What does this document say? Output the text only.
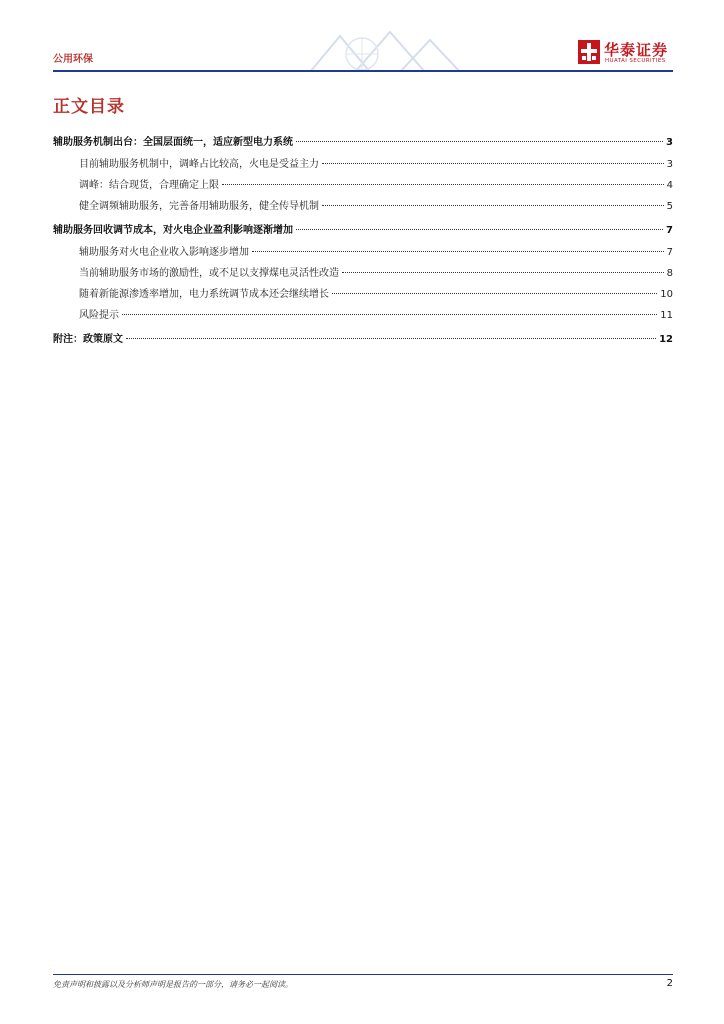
公用环保
华泰证券
HUATAI SECURITIES
正文目录
辅助服务机制出台：全国层面统一，适应新型电力系统	3
目前辅助服务机制中，调峰占比较高，火电是受益主力	3
调峰：结合现货，合理确定上限	4
健全调频辅助服务，完善备用辅助服务，健全传导机制	5
辅助服务回收调节成本，对火电企业盈利影响逐渐增加	7
辅助服务对火电企业收入影响逐步增加	7
当前辅助服务市场的激励性，或不足以支撑煤电灵活性改造	8
随着新能源渗透率增加，电力系统调节成本还会继续增长	10
风险提示	11
附注：政策原文	12
免责声明和披露以及分析师声明是报告的一部分，请务必一起阅读。	2
